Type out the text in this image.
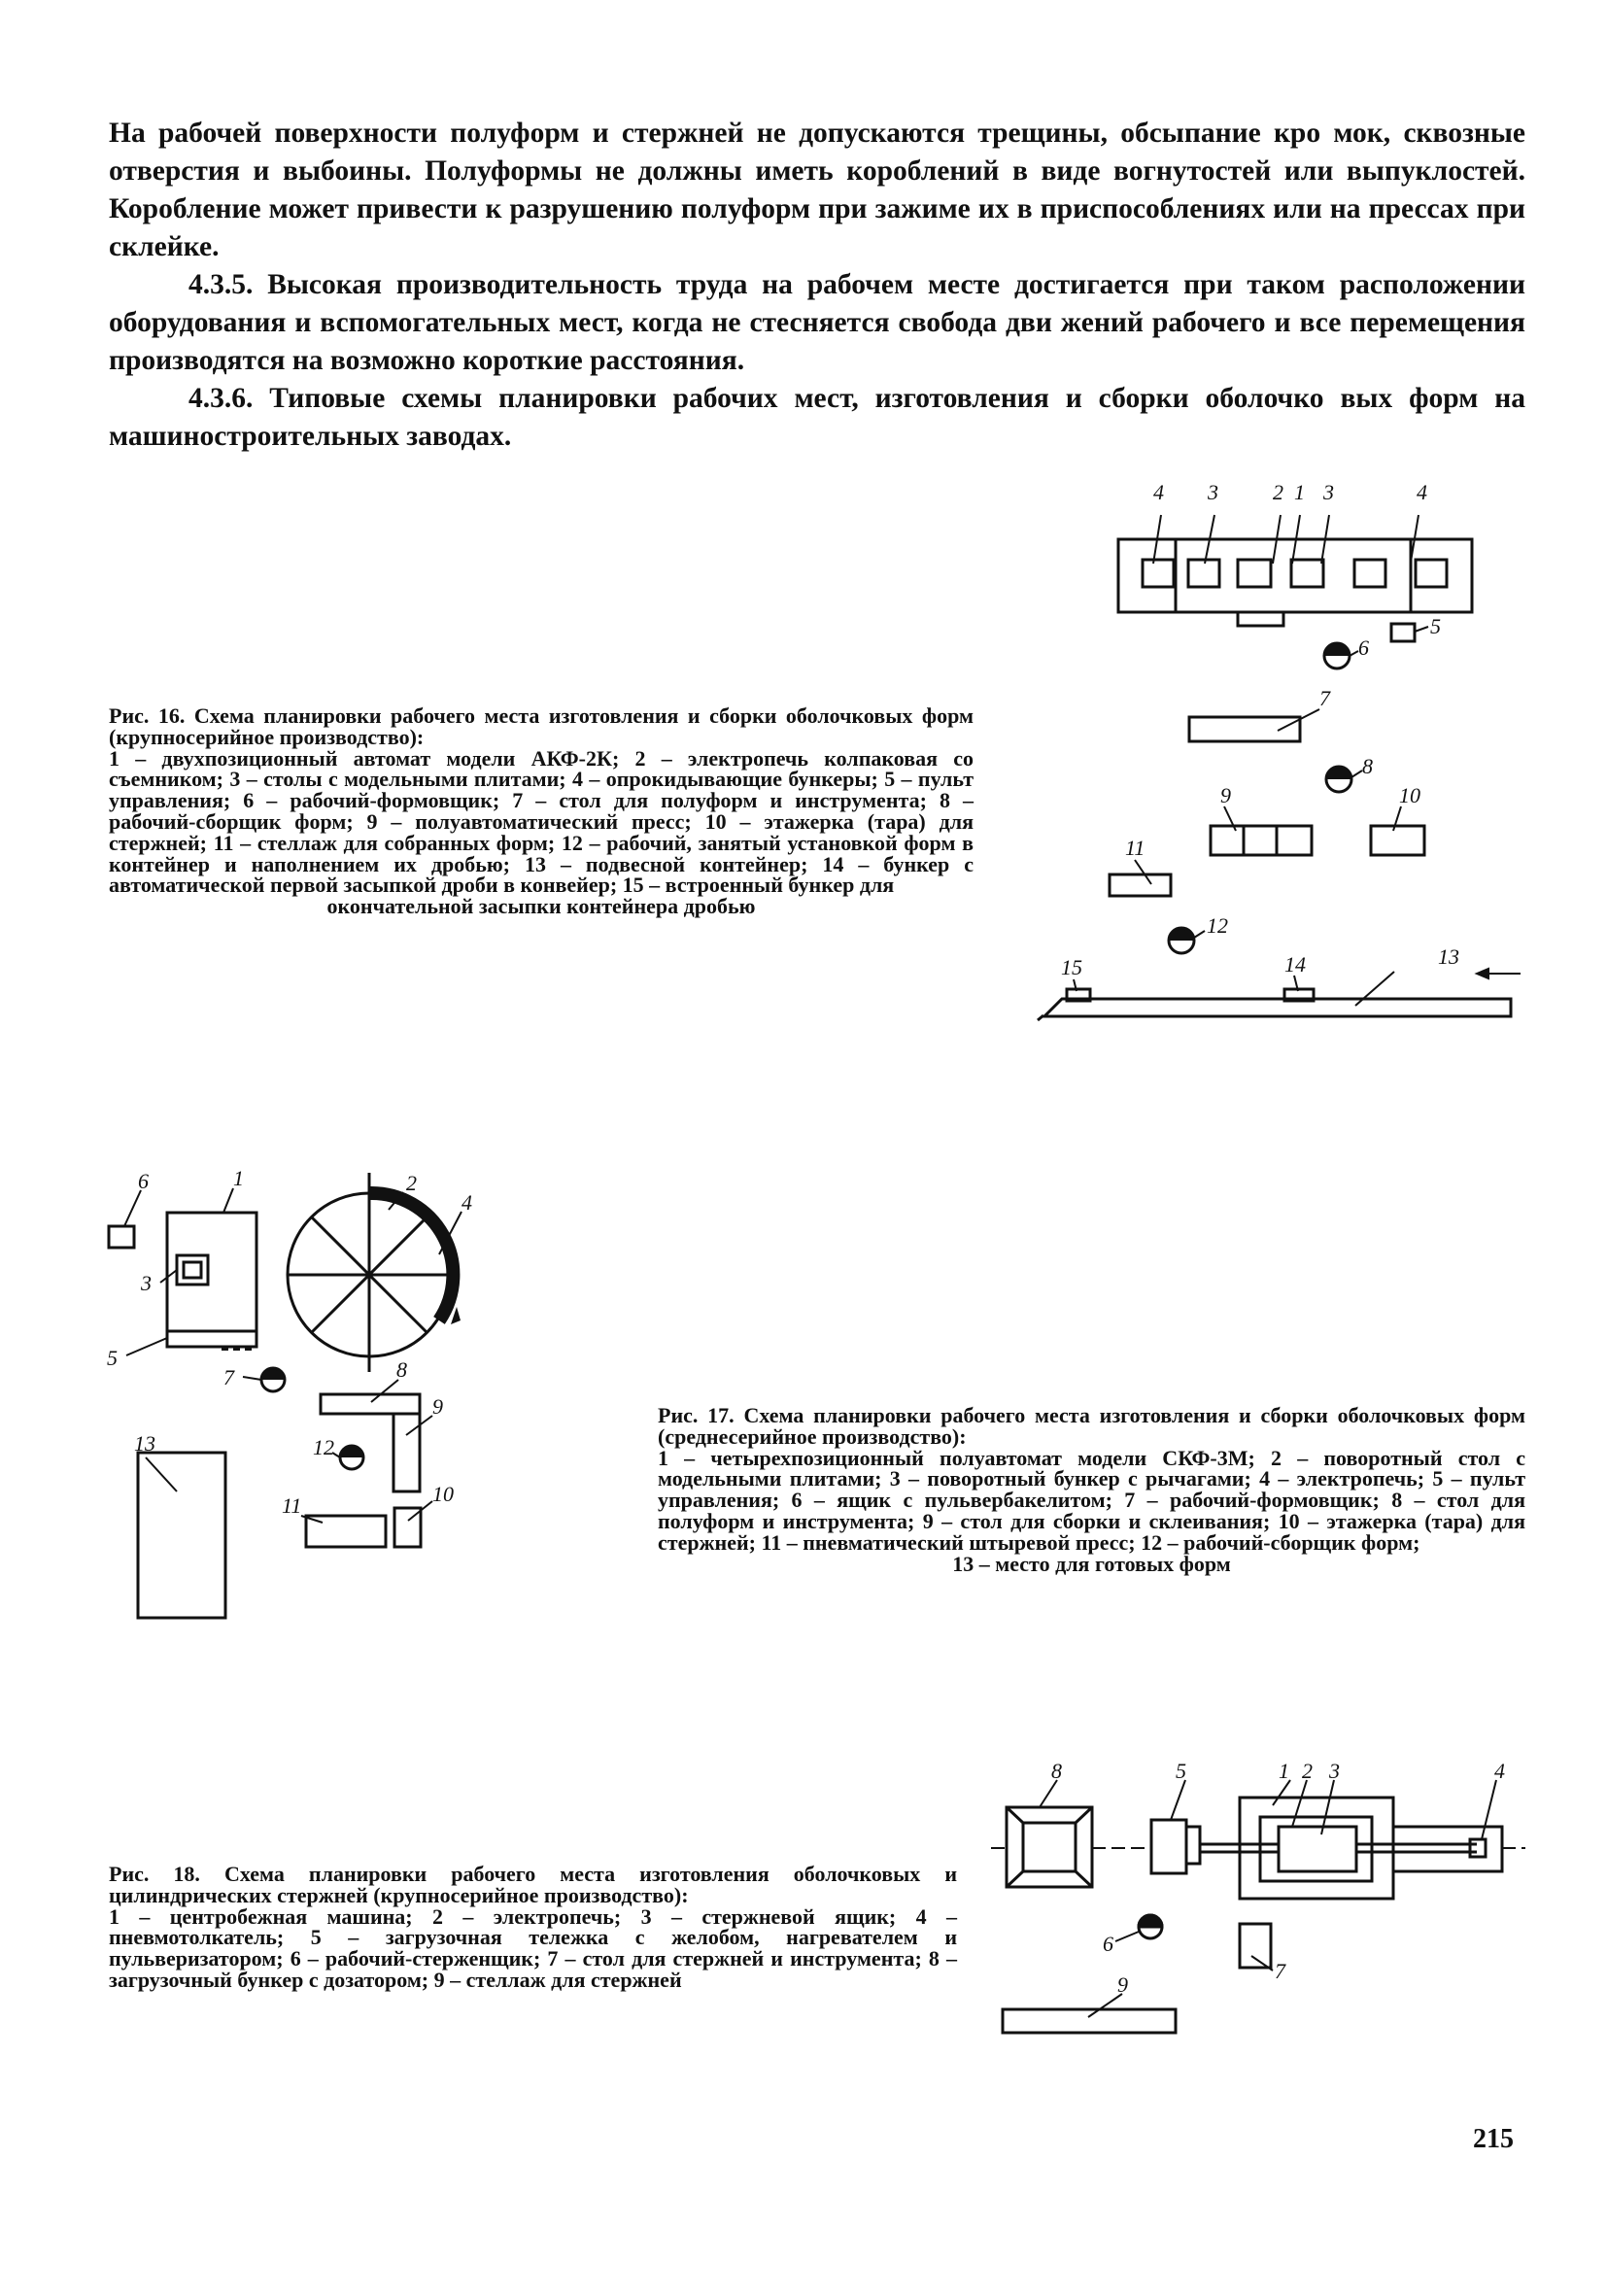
На рабочей поверхности полуформ и стержней не допускаются трещины, обсыпание кро мок, сквозные отверстия и выбоины. Полуформы не должны иметь короблений в виде вогнутостей или выпуклостей. Коробление может привести к разрушению полуформ при зажиме их в приспособлениях или на прессах при склейке.

4.3.5. Высокая производительность труда на рабочем месте достигается при таком расположении оборудования и вспомогательных мест, когда не стесняется свобода дви жений рабочего и все перемещения производятся на возможно короткие расстояния.

4.3.6. Типовые схемы планировки рабочих мест, изготовления и сборки оболочко вых форм на машиностроительных заводах.

4 3	2 1 3	4
5
6
7
8
9	10
11
12
13
14
15
Рис. 16. Схема планировки рабочего места изготовления и сборки оболочковых форм (крупносерийное производство):
1 – двухпозиционный автомат модели АКФ-2К; 2 – электропечь колпаковая со съемником; 3 – столы с модельными плитами; 4 – опрокидывающие бункеры; 5 – пульт управления; 6 – рабочий-формовщик; 7 – стол для полуформ и инструмента; 8 – рабочий-сборщик форм; 9 – полуавтоматический пресс; 10 – этажерка (тара) для стержней; 11 – стеллаж для собранных форм; 12 – рабочий, занятый установкой форм в контейнер и наполнением их дробью; 13 – подвесной контейнер; 14 – бункер с автоматической первой засыпкой дроби в конвейер; 15 – встроенный бункер для
окончательной засыпки контейнера дробью
6	1	2
4
3
5
7	8
9
10
11
12
13
Рис. 17. Схема планировки рабочего места изготовления и сборки оболочковых форм (среднесерийное производство):
1 – четырехпозиционный полуавтомат модели СКФ-3М; 2 – поворотный стол с модельными плитами; 3 – поворотный бункер с рычагами; 4 – электропечь; 5 – пульт управления; 6 – ящик с пульвербакелитом; 7 – рабочий-формовщик; 8 – стол для полуформ и инструмента; 9 – стол для сборки и склеивания; 10 – этажерка (тара) для стержней; 11 – пневматический штыревой пресс; 12 – рабочий-сборщик форм;
13 – место для готовых форм
8	5	1 2 3	4
6
7
9
Рис. 18. Схема планировки рабочего места изготовления оболочковых и цилиндрических стержней (крупносерийное производство):
1 – центробежная машина; 2 – электропечь; 3 – стержневой ящик; 4 – пневмотолкатель; 5 – загрузочная тележка с желобом, нагревателем и пульверизатором; 6 – рабочий-стерженщик; 7 – стол для стержней и инструмента; 8 – загрузочный бункер с дозатором; 9 – стеллаж для стержней
215
